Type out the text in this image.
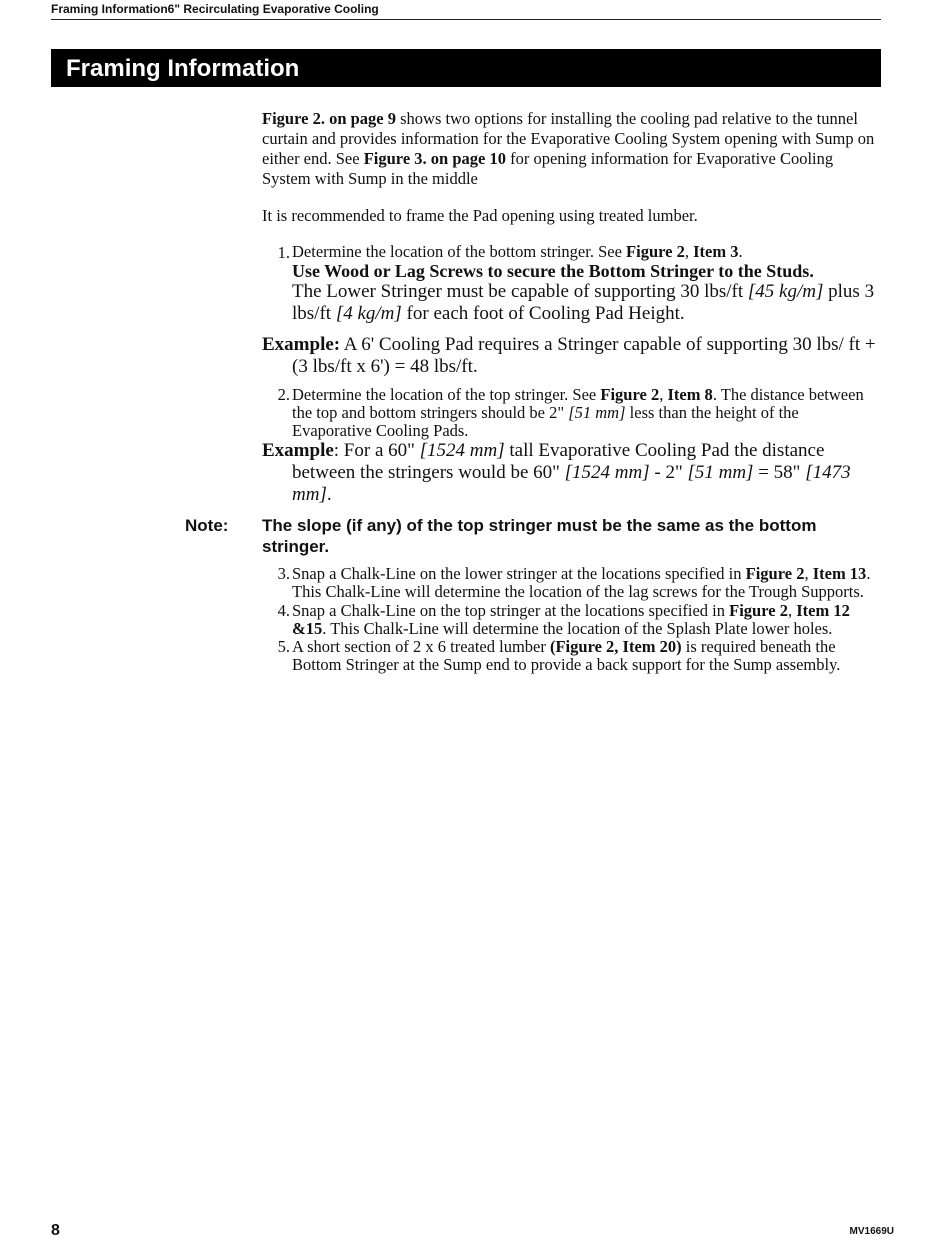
Framing Information6" Recirculating Evaporative Cooling
Framing Information

Figure 2. on page 9 shows two options for installing the cooling pad relative to the tunnel curtain and provides information for the Evaporative Cooling System opening with Sump on either end. See Figure 3. on page 10 for opening information for Evaporative Cooling System with Sump in the middle

It is recommended to frame the Pad opening using treated lumber.

1. Determine the location of the bottom stringer. See Figure 2, Item 3.
Use Wood or Lag Screws to secure the Bottom Stringer to the Studs.
The Lower Stringer must be capable of supporting 30 lbs/ft [45 kg/m] plus 3 lbs/ft [4 kg/m] for each foot of Cooling Pad Height.
Example: A 6' Cooling Pad requires a Stringer capable of supporting 30 lbs/ ft + (3 lbs/ft x 6') = 48 lbs/ft.
2. Determine the location of the top stringer. See Figure 2, Item 8. The distance between the top and bottom stringers should be 2" [51 mm] less than the height of the Evaporative Cooling Pads.
Example: For a 60" [1524 mm] tall Evaporative Cooling Pad the distance between the stringers would be 60" [1524 mm] - 2" [51 mm] = 58" [1473 mm].
Note: The slope (if any) of the top stringer must be the same as the bottom stringer.
3. Snap a Chalk-Line on the lower stringer at the locations specified in Figure 2, Item 13. This Chalk-Line will determine the location of the lag screws for the Trough Supports.
4. Snap a Chalk-Line on the top stringer at the locations specified in Figure 2, Item 12 &15. This Chalk-Line will determine the location of the Splash Plate lower holes.
5. A short section of 2 x 6 treated lumber (Figure 2, Item 20) is required beneath the Bottom Stringer at the Sump end to provide a back support for the Sump assembly.
8	MV1669U
